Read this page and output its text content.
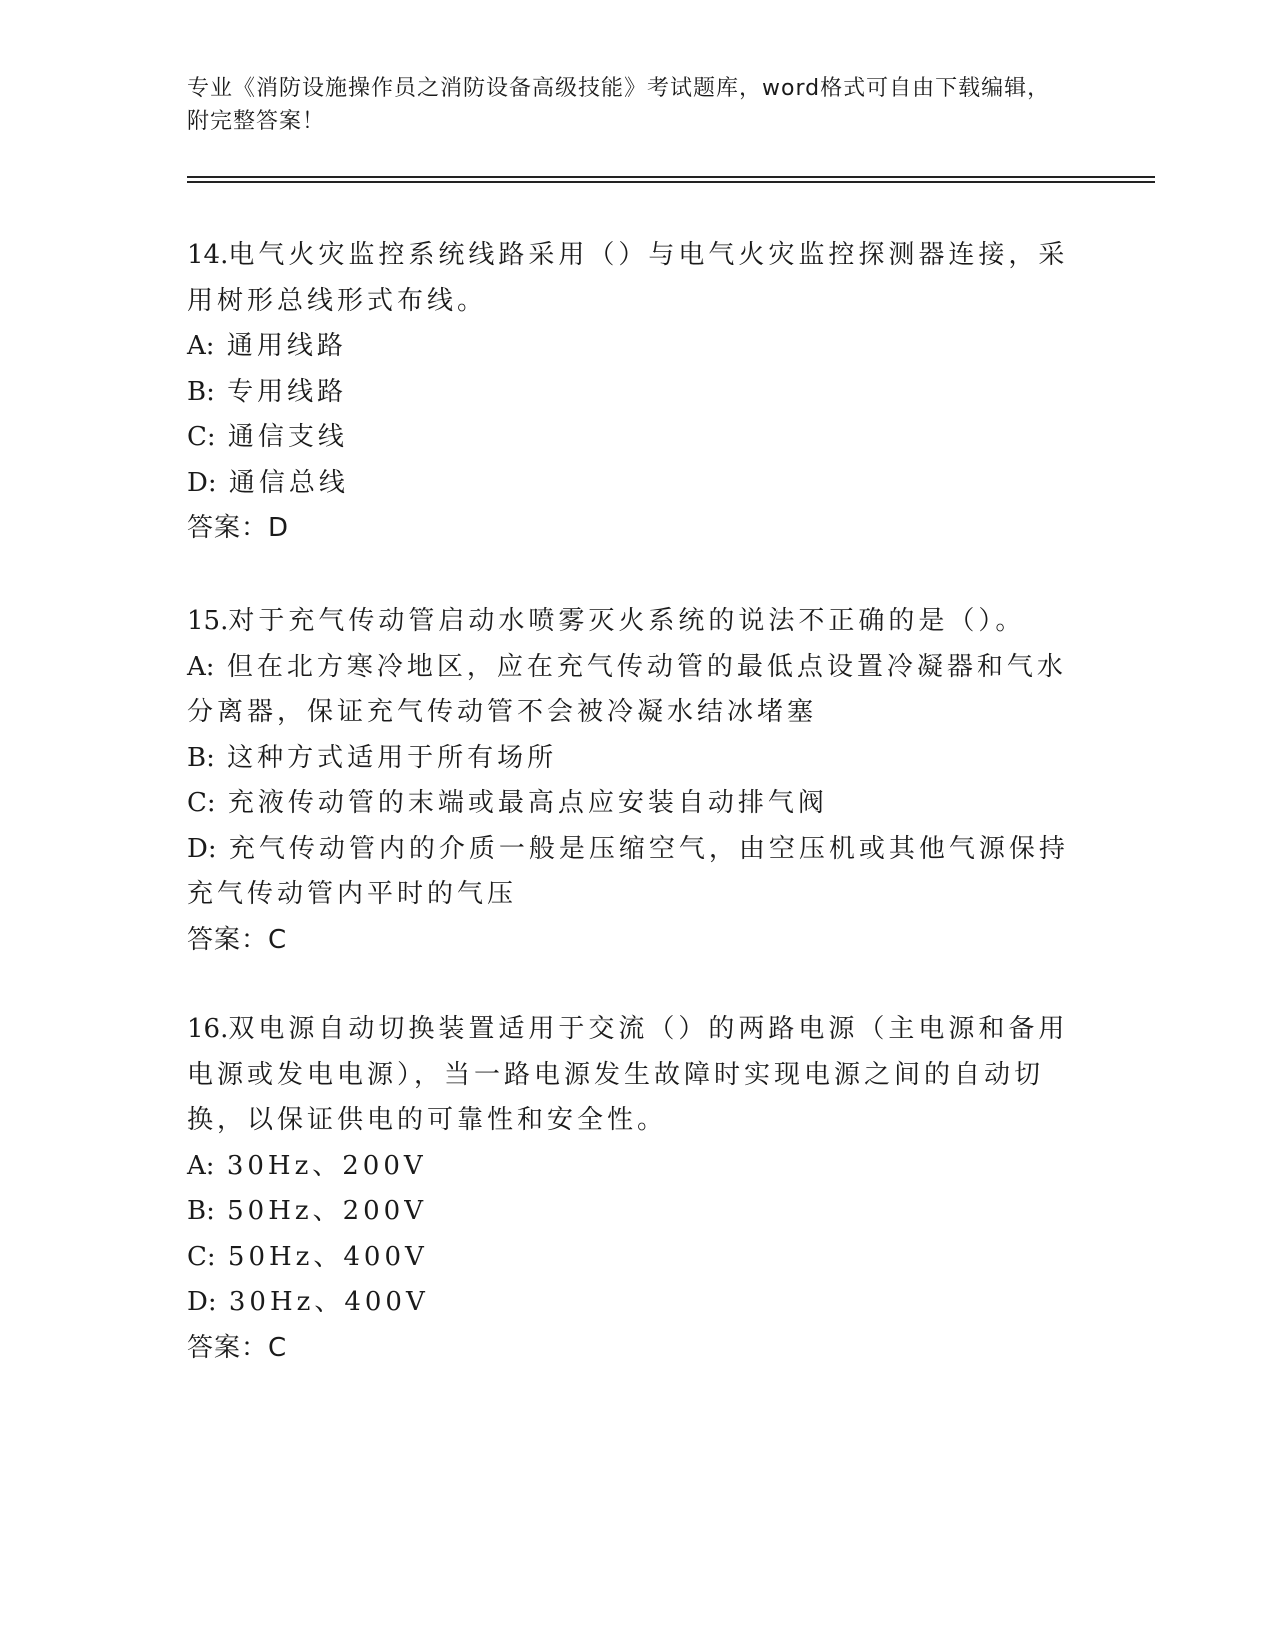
专业《消防设施操作员之消防设备高级技能》考试题库，word格式可自由下载编辑，附完整答案！
14.电气火灾监控系统线路采用（）与电气火灾监控探测器连接，采用树形总线形式布线。
A: 通用线路
B: 专用线路
C: 通信支线
D: 通信总线
答案：D
15.对于充气传动管启动水喷雾灭火系统的说法不正确的是（）。
A: 但在北方寒冷地区，应在充气传动管的最低点设置冷凝器和气水分离器，保证充气传动管不会被冷凝水结冰堵塞
B: 这种方式适用于所有场所
C: 充液传动管的末端或最高点应安装自动排气阀
D: 充气传动管内的介质一般是压缩空气，由空压机或其他气源保持充气传动管内平时的气压
答案：C
16.双电源自动切换装置适用于交流（）的两路电源（主电源和备用电源或发电电源），当一路电源发生故障时实现电源之间的自动切换，以保证供电的可靠性和安全性。
A: 30Hz、200V
B: 50Hz、200V
C: 50Hz、400V
D: 30Hz、400V
答案：C
